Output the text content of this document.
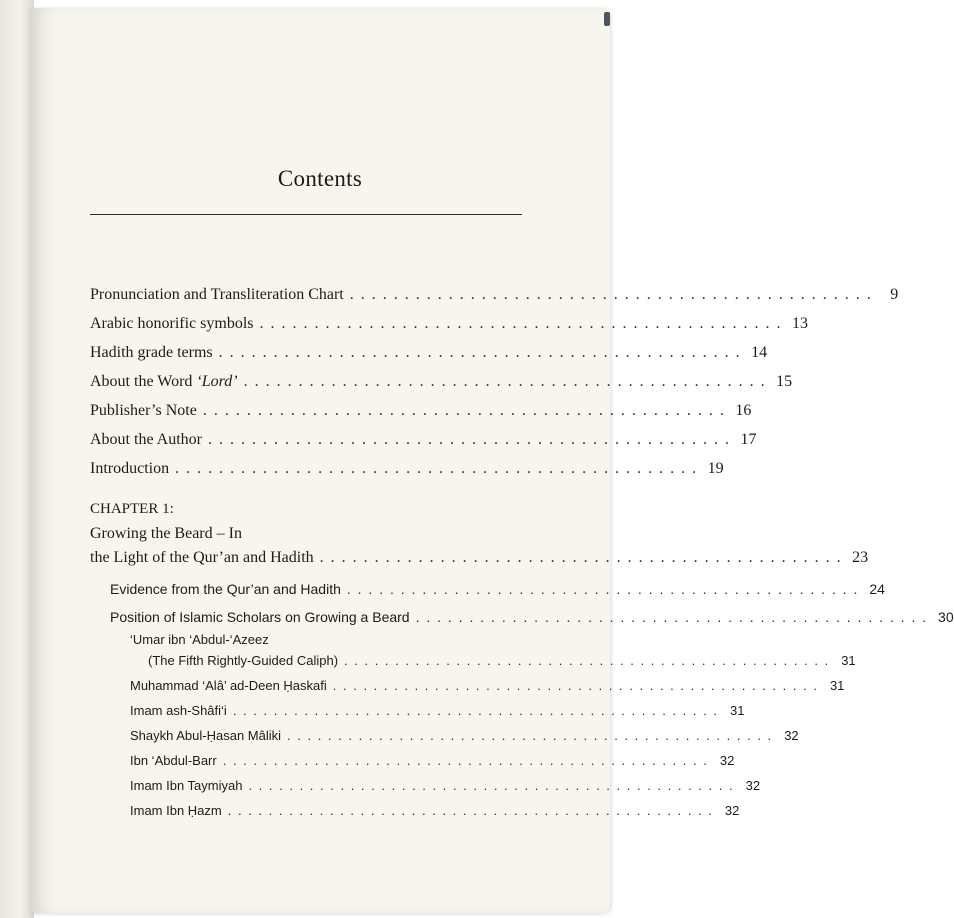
Contents
Pronunciation and Transliteration Chart . . . . . . . . . . . . . . . . . . . . . . . . . . . . . . . . . . . . . . . . . . . . . . . .	9
Arabic honorific symbols . . . . . . . . . . . . . . . . . . . . . . . . . . . . . . . . . . . . . . . . . . . . . . . . 13
Hadith grade terms . . . . . . . . . . . . . . . . . . . . . . . . . . . . . . . . . . . . . . . . . . . . . . . . 14
About the Word ‘Lord’ . . . . . . . . . . . . . . . . . . . . . . . . . . . . . . . . . . . . . . . . . . . . . . . . 15
Publisher’s Note . . . . . . . . . . . . . . . . . . . . . . . . . . . . . . . . . . . . . . . . . . . . . . . . 16
About the Author . . . . . . . . . . . . . . . . . . . . . . . . . . . . . . . . . . . . . . . . . . . . . . . . 17
Introduction . . . . . . . . . . . . . . . . . . . . . . . . . . . . . . . . . . . . . . . . . . . . . . . . 19
CHAPTER 1:
Growing the Beard – In
the Light of the Qur’an and Hadith . . . . . . . . . . . . . . . . . . . . . . . . . . . . . . . . . . . . . . . . . . . . . . . . 23
Evidence from the Qur’an and Hadith . . . . . . . . . . . . . . . . . . . . . . . . . . . . . . . . . . . . . . . . . . . . . . . . 24
Position of Islamic Scholars on Growing a Beard . . . . . . . . . . . . . . . . . . . . . . . . . . . . . . . . . . . . . . . . . . . . . . . . 30
‘Umar ibn ‘Abdul-‘Azeez
(The Fifth Rightly-Guided Caliph) . . . . . . . . . . . . . . . . . . . . . . . . . . . . . . . . . . . . . . . . . . . . . . . . 31
Muhammad ‘Alâ’ ad-Deen Ḥaskafi . . . . . . . . . . . . . . . . . . . . . . . . . . . . . . . . . . . . . . . . . . . . . . . . 31
Imam ash-Shâfi‘i . . . . . . . . . . . . . . . . . . . . . . . . . . . . . . . . . . . . . . . . . . . . . . . . 31
Shaykh Abul-Ḥasan Mâliki . . . . . . . . . . . . . . . . . . . . . . . . . . . . . . . . . . . . . . . . . . . . . . . . 32
Ibn ‘Abdul-Barr . . . . . . . . . . . . . . . . . . . . . . . . . . . . . . . . . . . . . . . . . . . . . . . . 32
Imam Ibn Taymiyah . . . . . . . . . . . . . . . . . . . . . . . . . . . . . . . . . . . . . . . . . . . . . . . . 32
Imam Ibn Ḥazm . . . . . . . . . . . . . . . . . . . . . . . . . . . . . . . . . . . . . . . . . . . . . . . . 32
